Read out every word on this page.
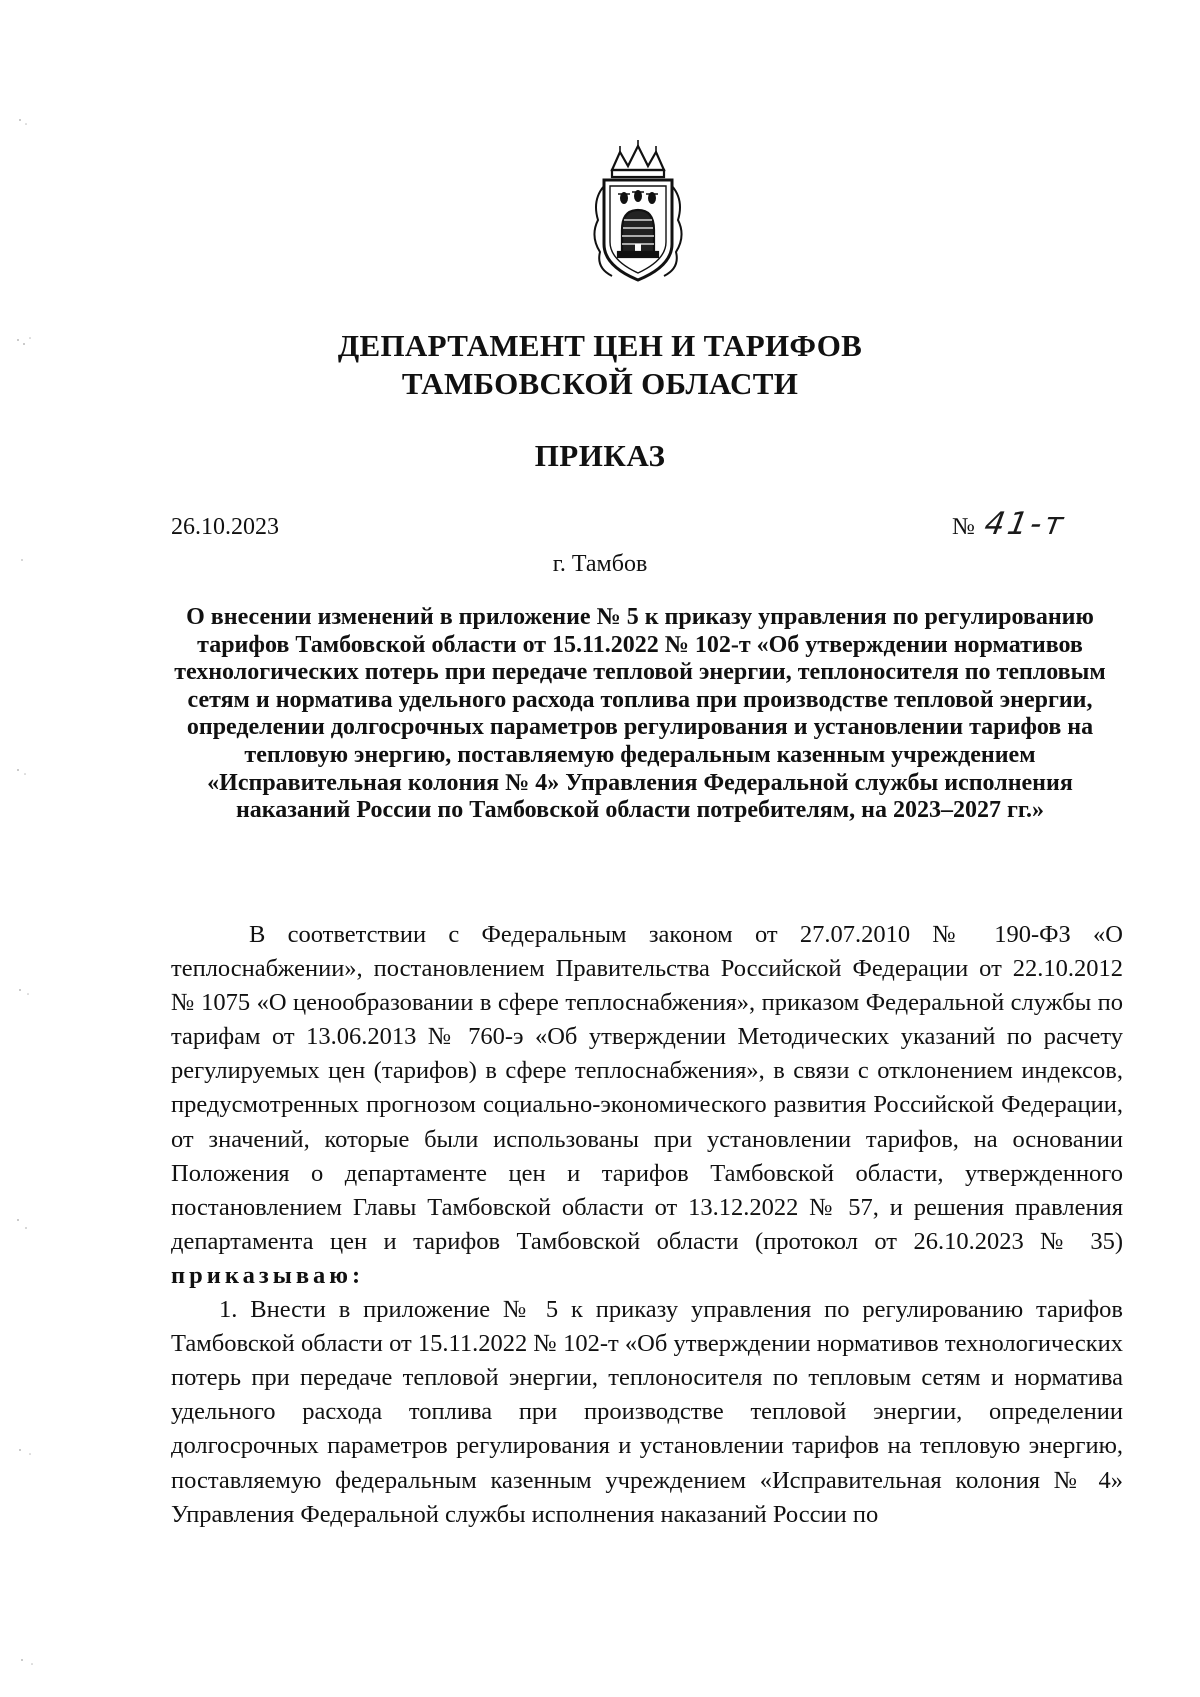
ДЕПАРТАМЕНТ ЦЕН И ТАРИФОВ
ТАМБОВСКОЙ ОБЛАСТИ
ПРИКАЗ
26.10.2023	№ 41-т
г. Тамбов
О внесении изменений в приложение № 5 к приказу управления по регулированию тарифов Тамбовской области от 15.11.2022 № 102-т «Об утверждении нормативов технологических потерь при передаче тепловой энергии, теплоносителя по тепловым сетям и норматива удельного расхода топлива при производстве тепловой энергии, определении долгосрочных параметров регулирования и установлении тарифов на тепловую энергию, поставляемую федеральным казенным учреждением «Исправительная колония № 4» Управления Федеральной службы исполнения наказаний России по Тамбовской области потребителям, на 2023–2027 гг.»

В соответствии с Федеральным законом от 27.07.2010 № 190-ФЗ «О теплоснабжении», постановлением Правительства Российской Федерации от 22.10.2012 № 1075 «О ценообразовании в сфере теплоснабжения», приказом Федеральной службы по тарифам от 13.06.2013 № 760-э «Об утверждении Методических указаний по расчету регулируемых цен (тарифов) в сфере теплоснабжения», в связи с отклонением индексов, предусмотренных прогнозом социально-экономического развития Российской Федерации, от значений, которые были использованы при установлении тарифов, на основании Положения о департаменте цен и тарифов Тамбовской области, утвержденного постановлением Главы Тамбовской области от 13.12.2022 № 57, и решения правления департамента цен и тарифов Тамбовской области (протокол от 26.10.2023 № 35) приказываю:

1. Внести в приложение № 5 к приказу управления по регулированию тарифов Тамбовской области от 15.11.2022 № 102-т «Об утверждении нормативов технологических потерь при передаче тепловой энергии, теплоносителя по тепловым сетям и норматива удельного расхода топлива при производстве тепловой энергии, определении долгосрочных параметров регулирования и установлении тарифов на тепловую энергию, поставляемую федеральным казенным учреждением «Исправительная колония № 4» Управления Федеральной службы исполнения наказаний России по
